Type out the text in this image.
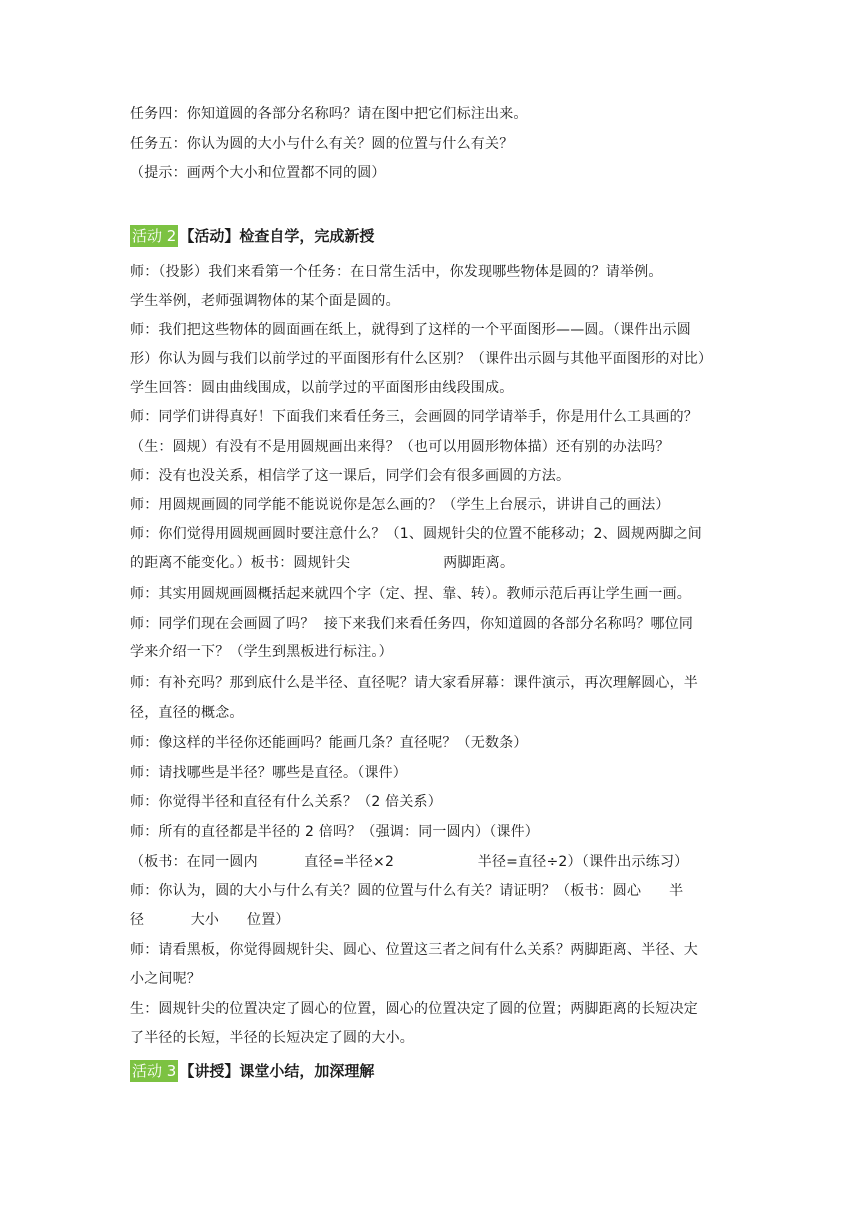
任务四：你知道圆的各部分名称吗？请在图中把它们标注出来。
任务五：你认为圆的大小与什么有关？圆的位置与什么有关？
（提示：画两个大小和位置都不同的圆）
活动 2 【活动】检查自学，完成新授
师：（投影）我们来看第一个任务：在日常生活中，你发现哪些物体是圆的？请举例。
学生举例，老师强调物体的某个面是圆的。
师：我们把这些物体的圆面画在纸上，就得到了这样的一个平面图形——圆。（课件出示圆
形）你认为圆与我们以前学过的平面图形有什么区别？（课件出示圆与其他平面图形的对比）
学生回答：圆由曲线围成，以前学过的平面图形由线段围成。
师：同学们讲得真好！下面我们来看任务三，会画圆的同学请举手，你是用什么工具画的？
（生：圆规）有没有不是用圆规画出来得？（也可以用圆形物体描）还有别的办法吗？
师：没有也没关系，相信学了这一课后，同学们会有很多画圆的方法。
师：用圆规画圆的同学能不能说说你是怎么画的？（学生上台展示，讲讲自己的画法）
师：你们觉得用圆规画圆时要注意什么？（1、圆规针尖的位置不能移动；2、圆规两脚之间
的距离不能变化。）板书：圆规针尖                    两脚距离。
师：其实用圆规画圆概括起来就四个字（定、捏、靠、转）。教师示范后再让学生画一画。
师：同学们现在会画圆了吗？  接下来我们来看任务四，你知道圆的各部分名称吗？哪位同
学来介绍一下？（学生到黑板进行标注。）
师：有补充吗？那到底什么是半径、直径呢？请大家看屏幕：课件演示，再次理解圆心，半
径，直径的概念。
师：像这样的半径你还能画吗？能画几条？直径呢？（无数条）
师：请找哪些是半径？哪些是直径。（课件）
师：你觉得半径和直径有什么关系？（2 倍关系）
师：所有的直径都是半径的 2 倍吗？（强调：同一圆内）（课件）
（板书：在同一圆内          直径=半径×2                  半径=直径÷2）（课件出示练习）
师：你认为，圆的大小与什么有关？圆的位置与什么有关？请证明？（板书：圆心      半
径          大小      位置）
师：请看黑板，你觉得圆规针尖、圆心、位置这三者之间有什么关系？两脚距离、半径、大
小之间呢？
生：圆规针尖的位置决定了圆心的位置，圆心的位置决定了圆的位置；两脚距离的长短决定
了半径的长短，半径的长短决定了圆的大小。
活动 3 【讲授】课堂小结，加深理解
